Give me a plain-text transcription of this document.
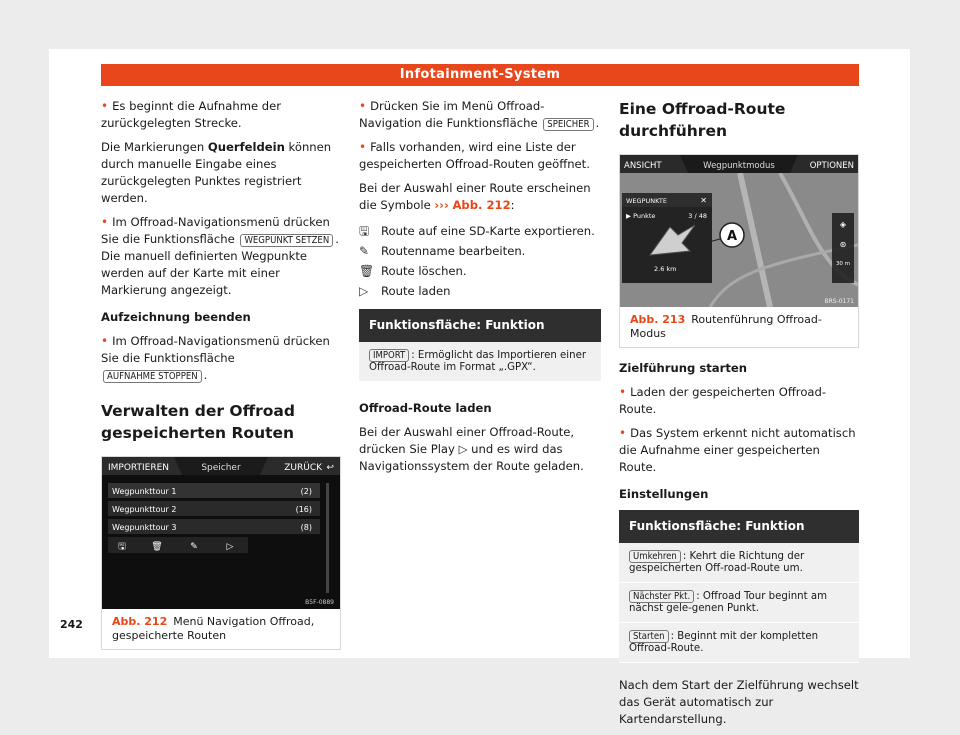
Infotainment-System

• Es beginnt die Aufnahme der zurückgelegten Strecke.

Die Markierungen Querfeldein können durch manuelle Eingabe eines zurückgelegten Punktes registriert werden.

• Im Offroad-Navigationsmenü drücken Sie die Funktionsfläche WEGPUNKT SETZEN . Die manuell definierten Wegpunkte werden auf der Karte mit einer Markierung angezeigt.

Aufzeichnung beenden

• Im Offroad-Navigationsmenü drücken Sie die Funktionsfläche AUFNAHME STOPPEN .

Verwalten der Offroad gespeicherten Routen
IMPORTIEREN	Speicher	ZURÜCK ↩
Wegpunkttour 1	(2)
Wegpunkttour 2	(16)
Wegpunkttour 3	(8)
🖫	🗑	✎	▷
B5F-0889
Abb. 212 Menü Navigation Offroad, gespeicherte Routen

• Drücken Sie im Menü Offroad-Navigation die Funktionsfläche SPEICHER .

• Falls vorhanden, wird eine Liste der gespeicherten Offroad-Routen geöffnet.

Bei der Auswahl einer Route erscheinen die Symbole ››› Abb. 212:

🖫	Route auf eine SD-Karte exportieren.
✎	Routenname bearbeiten.
🗑 Route löschen.
▷	Route laden
Funktionsfläche: Funktion
IMPORT : Ermöglicht das Importieren einer Offroad-Route im Format „.GPX“.

Offroad-Route laden

Bei der Auswahl einer Offroad-Route, drücken Sie Play ▷ und es wird das Navigationssystem der Route geladen.

Eine Offroad-Route durchführen
ANSICHT	Wegpunktmodus	OPTIONEN
WEGPUNKTE	✕
▶ Punkte	3 / 48
2.6 km
A
◈
⊛
30 m
BRS-0171
Abb. 213 Routenführung Offroad-Modus

Zielführung starten

• Laden der gespeicherten Offroad-Route.

• Das System erkennt nicht automatisch die Aufnahme einer gespeicherten Route.

Einstellungen

Funktionsfläche: Funktion
Umkehren : Kehrt die Richtung der gespeicherten Off-road-Route um.
Nächster Pkt. : Offroad Tour beginnt am nächst gele-genen Punkt.
Starten : Beginnt mit der kompletten Offroad-Route.

Nach dem Start der Zielführung wechselt das Gerät automatisch zur Kartendarstellung.

242
